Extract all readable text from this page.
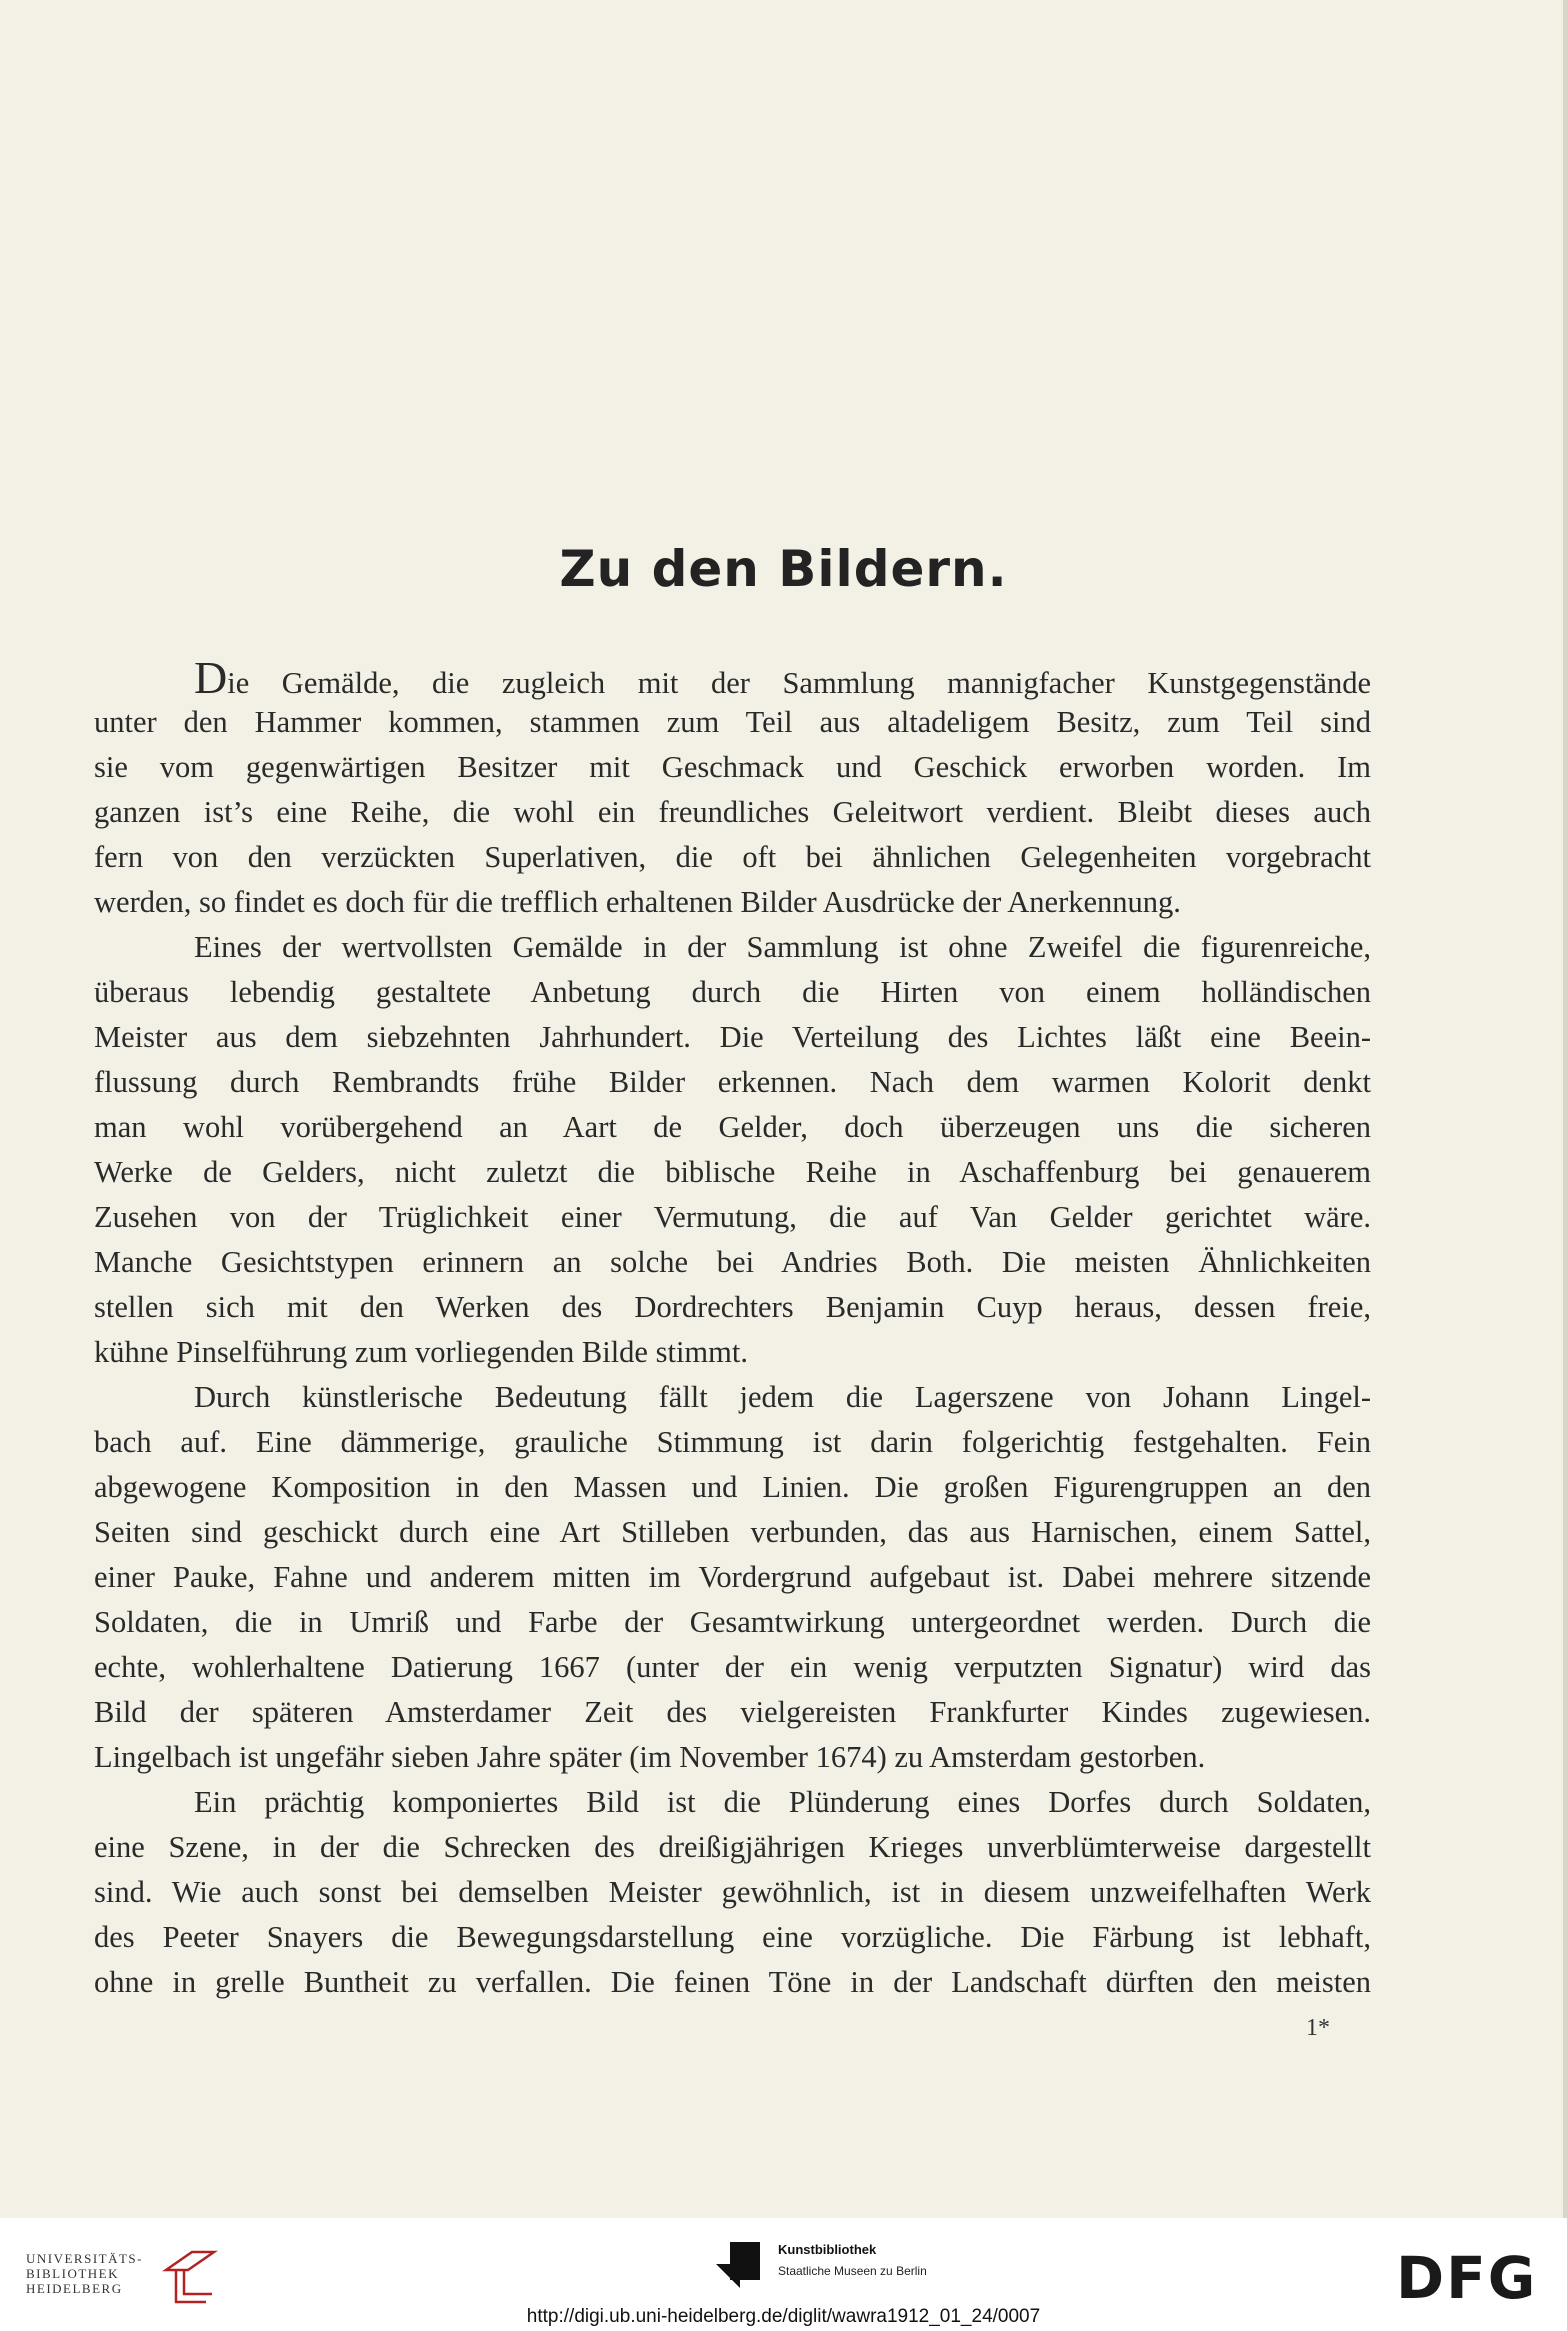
Zu den Bildern.
Die Gemälde, die zugleich mit der Sammlung mannigfacher Kunstgegenstände
unter den Hammer kommen, stammen zum Teil aus altadeligem Besitz, zum Teil sind
sie vom gegenwärtigen Besitzer mit Geschmack und Geschick erworben worden. Im
ganzen ist’s eine Reihe, die wohl ein freundliches Geleitwort verdient. Bleibt dieses auch
fern von den verzückten Superlativen, die oft bei ähnlichen Gelegenheiten vorgebracht
werden, so findet es doch für die trefflich erhaltenen Bilder Ausdrücke der Anerkennung.
Eines der wertvollsten Gemälde in der Sammlung ist ohne Zweifel die figurenreiche,
überaus lebendig gestaltete Anbetung durch die Hirten von einem holländischen
Meister aus dem siebzehnten Jahrhundert. Die Verteilung des Lichtes läßt eine Beein-
flussung durch Rembrandts frühe Bilder erkennen. Nach dem warmen Kolorit denkt
man wohl vorübergehend an Aart de Gelder, doch überzeugen uns die sicheren
Werke de Gelders, nicht zuletzt die biblische Reihe in Aschaffenburg bei genauerem
Zusehen von der Trüglichkeit einer Vermutung, die auf Van Gelder gerichtet wäre.
Manche Gesichtstypen erinnern an solche bei Andries Both. Die meisten Ähnlichkeiten
stellen sich mit den Werken des Dordrechters Benjamin Cuyp heraus, dessen freie,
kühne Pinselführung zum vorliegenden Bilde stimmt.
Durch künstlerische Bedeutung fällt jedem die Lagerszene von Johann Lingel-
bach auf. Eine dämmerige, grauliche Stimmung ist darin folgerichtig festgehalten. Fein
abgewogene Komposition in den Massen und Linien. Die großen Figurengruppen an den
Seiten sind geschickt durch eine Art Stilleben verbunden, das aus Harnischen, einem Sattel,
einer Pauke, Fahne und anderem mitten im Vordergrund aufgebaut ist. Dabei mehrere sitzende
Soldaten, die in Umriß und Farbe der Gesamtwirkung untergeordnet werden. Durch die
echte, wohlerhaltene Datierung 1667 (unter der ein wenig verputzten Signatur) wird das
Bild der späteren Amsterdamer Zeit des vielgereisten Frankfurter Kindes zugewiesen.
Lingelbach ist ungefähr sieben Jahre später (im November 1674) zu Amsterdam gestorben.
Ein prächtig komponiertes Bild ist die Plünderung eines Dorfes durch Soldaten,
eine Szene, in der die Schrecken des dreißigjährigen Krieges unverblümterweise dargestellt
sind. Wie auch sonst bei demselben Meister gewöhnlich, ist in diesem unzweifelhaften Werk
des Peeter Snayers die Bewegungsdarstellung eine vorzügliche. Die Färbung ist lebhaft,
ohne in grelle Buntheit zu verfallen. Die feinen Töne in der Landschaft dürften den meisten
1*
UNIVERSITÄTS-
BIBLIOTHEK
HEIDELBERG
Kunstbibliothek
Staatliche Museen zu Berlin	DFG
http://digi.ub.uni-heidelberg.de/diglit/wawra1912_01_24/0007
